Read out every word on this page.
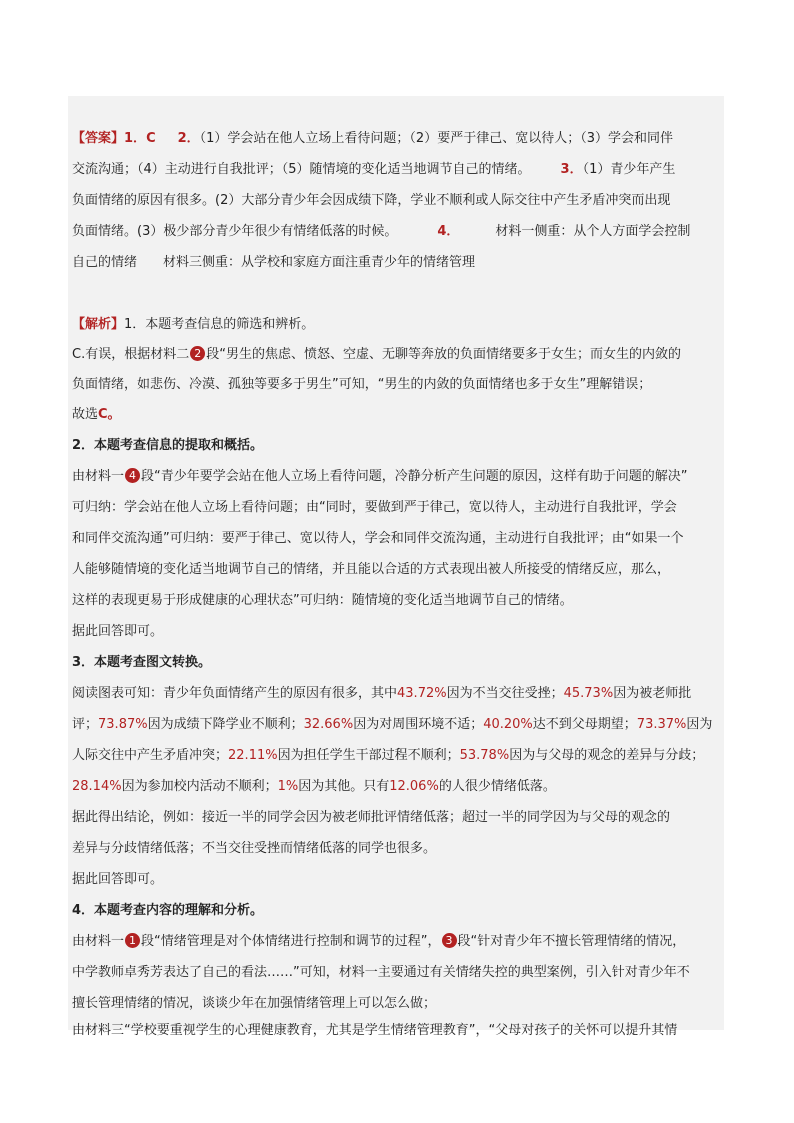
【答案】1．C 2．（1）学会站在他人立场上看待问题；（2）要严于律己、宽以待人；（3）学会和同伴
交流沟通；（4）主动进行自我批评；（5）随情境的变化适当地调节自己的情绪。 3．（1）青少年产生
负面情绪的原因有很多。(2）大部分青少年会因成绩下降，学业不顺利或人际交往中产生矛盾冲突而出现
负面情绪。(3）极少部分青少年很少有情绪低落的时候。	4．	材料一侧重：从个人方面学会控制
自己的情绪 材料三侧重：从学校和家庭方面注重青少年的情绪管理
【解析】1．本题考查信息的筛选和辨析。
C.有误，根据材料二 2 段“男生的焦虑、愤怒、空虚、无聊等奔放的负面情绪要多于女生；而女生的内敛的
负面情绪，如悲伤、冷漠、孤独等要多于男生”可知，“男生的内敛的负面情绪也多于女生”理解错误；
故选C。
2．本题考查信息的提取和概括。
由材料一 4 段“青少年要学会站在他人立场上看待问题，冷静分析产生问题的原因，这样有助于问题的解决”
可归纳：学会站在他人立场上看待问题；由“同时，要做到严于律己，宽以待人，主动进行自我批评，学会
和同伴交流沟通”可归纳：要严于律己、宽以待人，学会和同伴交流沟通，主动进行自我批评；由“如果一个
人能够随情境的变化适当地调节自己的情绪，并且能以合适的方式表现出被人所接受的情绪反应，那么，
这样的表现更易于形成健康的心理状态”可归纳：随情境的变化适当地调节自己的情绪。
据此回答即可。
3．本题考查图文转换。
阅读图表可知：青少年负面情绪产生的原因有很多，其中43.72%因为不当交往受挫；45.73%因为被老师批
评；73.87%因为成绩下降学业不顺利；32.66%因为对周围环境不适；40.20%达不到父母期望；73.37%因为
人际交往中产生矛盾冲突；22.11%因为担任学生干部过程不顺利；53.78%因为与父母的观念的差异与分歧；
28.14%因为参加校内活动不顺利；1%因为其他。只有12.06%的人很少情绪低落。
据此得出结论，例如：接近一半的同学会因为被老师批评情绪低落；超过一半的同学因为与父母的观念的
差异与分歧情绪低落；不当交往受挫而情绪低落的同学也很多。
据此回答即可。
4．本题考查内容的理解和分析。
由材料一 1 段“情绪管理是对个体情绪进行控制和调节的过程”， 3 段“针对青少年不擅长管理情绪的情况，
中学教师卓秀芳表达了自己的看法……”可知，材料一主要通过有关情绪失控的典型案例，引入针对青少年不
擅长管理情绪的情况，谈谈少年在加强情绪管理上可以怎么做；
由材料三“学校要重视学生的心理健康教育，尤其是学生情绪管理教育”，“父母对孩子的关怀可以提升其情
